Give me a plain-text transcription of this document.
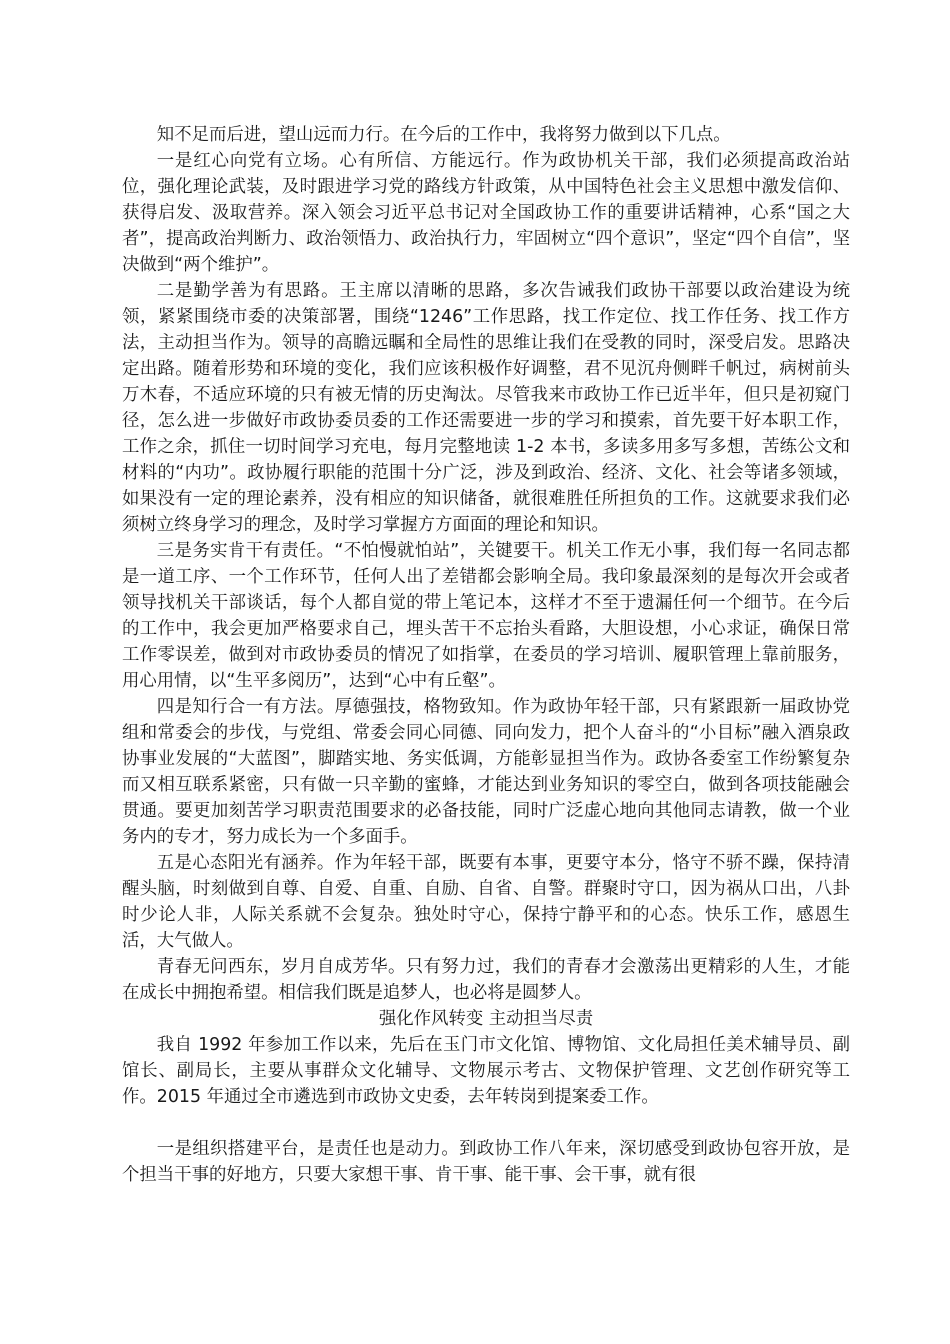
知不足而后进，望山远而力行。在今后的工作中，我将努力做到以下几点。

一是红心向党有立场。心有所信、方能远行。作为政协机关干部，我们必须提高政治站位，强化理论武装，及时跟进学习党的路线方针政策，从中国特色社会主义思想中激发信仰、获得启发、汲取营养。深入领会习近平总书记对全国政协工作的重要讲话精神，心系“国之大者”，提高政治判断力、政治领悟力、政治执行力，牢固树立“四个意识”，坚定“四个自信”，坚决做到“两个维护”。

二是勤学善为有思路。王主席以清晰的思路，多次告诫我们政协干部要以政治建设为统领，紧紧围绕市委的决策部署，围绕“1246”工作思路，找工作定位、找工作任务、找工作方法，主动担当作为。领导的高瞻远瞩和全局性的思维让我们在受教的同时，深受启发。思路决定出路。随着形势和环境的变化，我们应该积极作好调整，君不见沉舟侧畔千帆过，病树前头万木春，不适应环境的只有被无情的历史淘汰。尽管我来市政协工作已近半年，但只是初窥门径，怎么进一步做好市政协委员委的工作还需要进一步的学习和摸索，首先要干好本职工作，工作之余，抓住一切时间学习充电，每月完整地读 1-2 本书，多读多用多写多想，苦练公文和材料的“内功”。政协履行职能的范围十分广泛，涉及到政治、经济、文化、社会等诸多领域，如果没有一定的理论素养，没有相应的知识储备，就很难胜任所担负的工作。这就要求我们必须树立终身学习的理念，及时学习掌握方方面面的理论和知识。

三是务实肯干有责任。“不怕慢就怕站”，关键要干。机关工作无小事，我们每一名同志都是一道工序、一个工作环节，任何人出了差错都会影响全局。我印象最深刻的是每次开会或者领导找机关干部谈话，每个人都自觉的带上笔记本，这样才不至于遗漏任何一个细节。在今后的工作中，我会更加严格要求自己，埋头苦干不忘抬头看路，大胆设想，小心求证，确保日常工作零误差，做到对市政协委员的情况了如指掌，在委员的学习培训、履职管理上靠前服务，用心用情，以“生平多阅历”，达到“心中有丘壑”。

四是知行合一有方法。厚德强技，格物致知。作为政协年轻干部，只有紧跟新一届政协党组和常委会的步伐，与党组、常委会同心同德、同向发力，把个人奋斗的“小目标”融入酒泉政协事业发展的“大蓝图”，脚踏实地、务实低调，方能彰显担当作为。政协各委室工作纷繁复杂而又相互联系紧密，只有做一只辛勤的蜜蜂，才能达到业务知识的零空白，做到各项技能融会贯通。要更加刻苦学习职责范围要求的必备技能，同时广泛虚心地向其他同志请教，做一个业务内的专才，努力成长为一个多面手。

五是心态阳光有涵养。作为年轻干部，既要有本事，更要守本分，恪守不骄不躁，保持清醒头脑，时刻做到自尊、自爱、自重、自励、自省、自警。群聚时守口，因为祸从口出，八卦时少论人非，人际关系就不会复杂。独处时守心，保持宁静平和的心态。快乐工作，感恩生活，大气做人。

青春无问西东，岁月自成芳华。只有努力过，我们的青春才会激荡出更精彩的人生，才能在成长中拥抱希望。相信我们既是追梦人，也必将是圆梦人。

强化作风转变 主动担当尽责

我自 1992 年参加工作以来，先后在玉门市文化馆、博物馆、文化局担任美术辅导员、副馆长、副局长，主要从事群众文化辅导、文物展示考古、文物保护管理、文艺创作研究等工作。2015 年通过全市遴选到市政协文史委，去年转岗到提案委工作。

一是组织搭建平台，是责任也是动力。到政协工作八年来，深切感受到政协包容开放，是个担当干事的好地方，只要大家想干事、肯干事、能干事、会干事，就有很
